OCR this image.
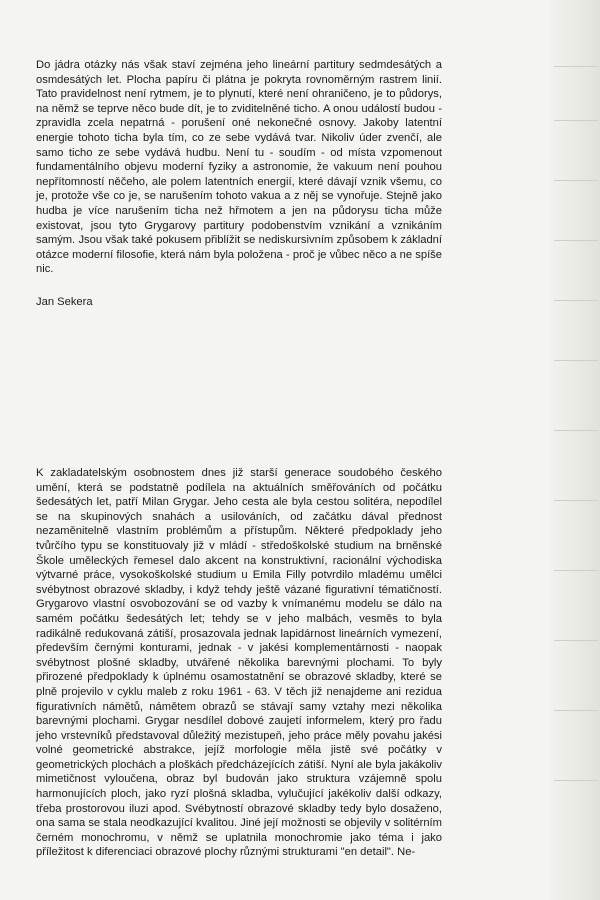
Do jádra otázky nás však staví zejména jeho lineární partitury sedmdesátých a osmdesátých let. Plocha papíru či plátna je pokryta rovnoměrným rastrem linií. Tato pravidelnost není rytmem, je to plynutí, které není ohraničeno, je to půdorys, na němž se teprve něco bude dít, je to zviditelněné ticho. A onou událostí budou - zpravidla zcela nepatrná - porušení oné nekonečné osnovy. Jakoby latentní energie tohoto ticha byla tím, co ze sebe vydává tvar. Nikoliv úder zvenčí, ale samo ticho ze sebe vydává hudbu. Není tu - soudím - od místa vzpomenout fundamentálního objevu moderní fyziky a astronomie, že vakuum není pouhou nepřítomností něčeho, ale polem latentních energií, které dávají vznik všemu, co je, protože vše co je, se narušením tohoto vakua a z něj se vynořuje. Stejně jako hudba je více narušením ticha než hřmotem a jen na půdorysu ticha může existovat, jsou tyto Grygarovy partitury podobenstvím vznikání a vznikáním samým. Jsou však také pokusem přiblížit se nediskursivním způsobem k základní otázce moderní filosofie, která nám byla položena - proč je vůbec něco a ne spíše nic.

Jan Sekera

K zakladatelským osobnostem dnes již starší generace soudobého českého umění, která se podstatně podílela na aktuálních směřováních od počátku šedesátých let, patří Milan Grygar. Jeho cesta ale byla cestou solitéra, nepodílel se na skupinových snahách a usilováních, od začátku dával přednost nezaměnitelně vlastním problémům a přístupům. Některé předpoklady jeho tvůrčího typu se konstituovaly již v mládí - středoškolské studium na brněnské Škole uměleckých řemesel dalo akcent na konstruktivní, racionální východiska výtvarné práce, vysokoškolské studium u Emila Filly potvrdilo mladému umělci svébytnost obrazové skladby, i když tehdy ještě vázané figurativní tématičností. Grygarovo vlastní osvobozování se od vazby k vnímanému modelu se dálo na samém počátku šedesátých let; tehdy se v jeho malbách, vesměs to byla radikálně redukovaná zátiší, prosazovala jednak lapidárnost lineárních vymezení, především černými konturami, jednak - v jakési komplementárnosti - naopak svébytnost plošné skladby, utvářené několika barevnými plochami. To byly přirozené předpoklady k úplnému osamostatnění se obrazové skladby, které se plně projevilo v cyklu maleb z roku 1961 - 63. V těch již nenajdeme ani rezidua figurativních námětů, námětem obrazů se stávají samy vztahy mezi několika barevnými plochami. Grygar nesdílel dobové zaujetí informelem, který pro řadu jeho vrstevníků představoval důležitý mezistupeň, jeho práce měly povahu jakési volné geometrické abstrakce, jejíž morfologie měla jistě své počátky v geometrických plochách a ploškách předcházejících zátiší. Nyní ale byla jakákoliv mimetičnost vyloučena, obraz byl budován jako struktura vzájemně spolu harmonujících ploch, jako ryzí plošná skladba, vylučující jakékoliv další odkazy, třeba prostorovou iluzi apod. Svébytností obrazové skladby tedy bylo dosaženo, ona sama se stala neodkazující kvalitou. Jiné její možnosti se objevily v solitérním černém monochromu, v němž se uplatnila monochromie jako téma i jako příležitost k diferenciaci obrazové plochy různými strukturami "en detail". Ne-
